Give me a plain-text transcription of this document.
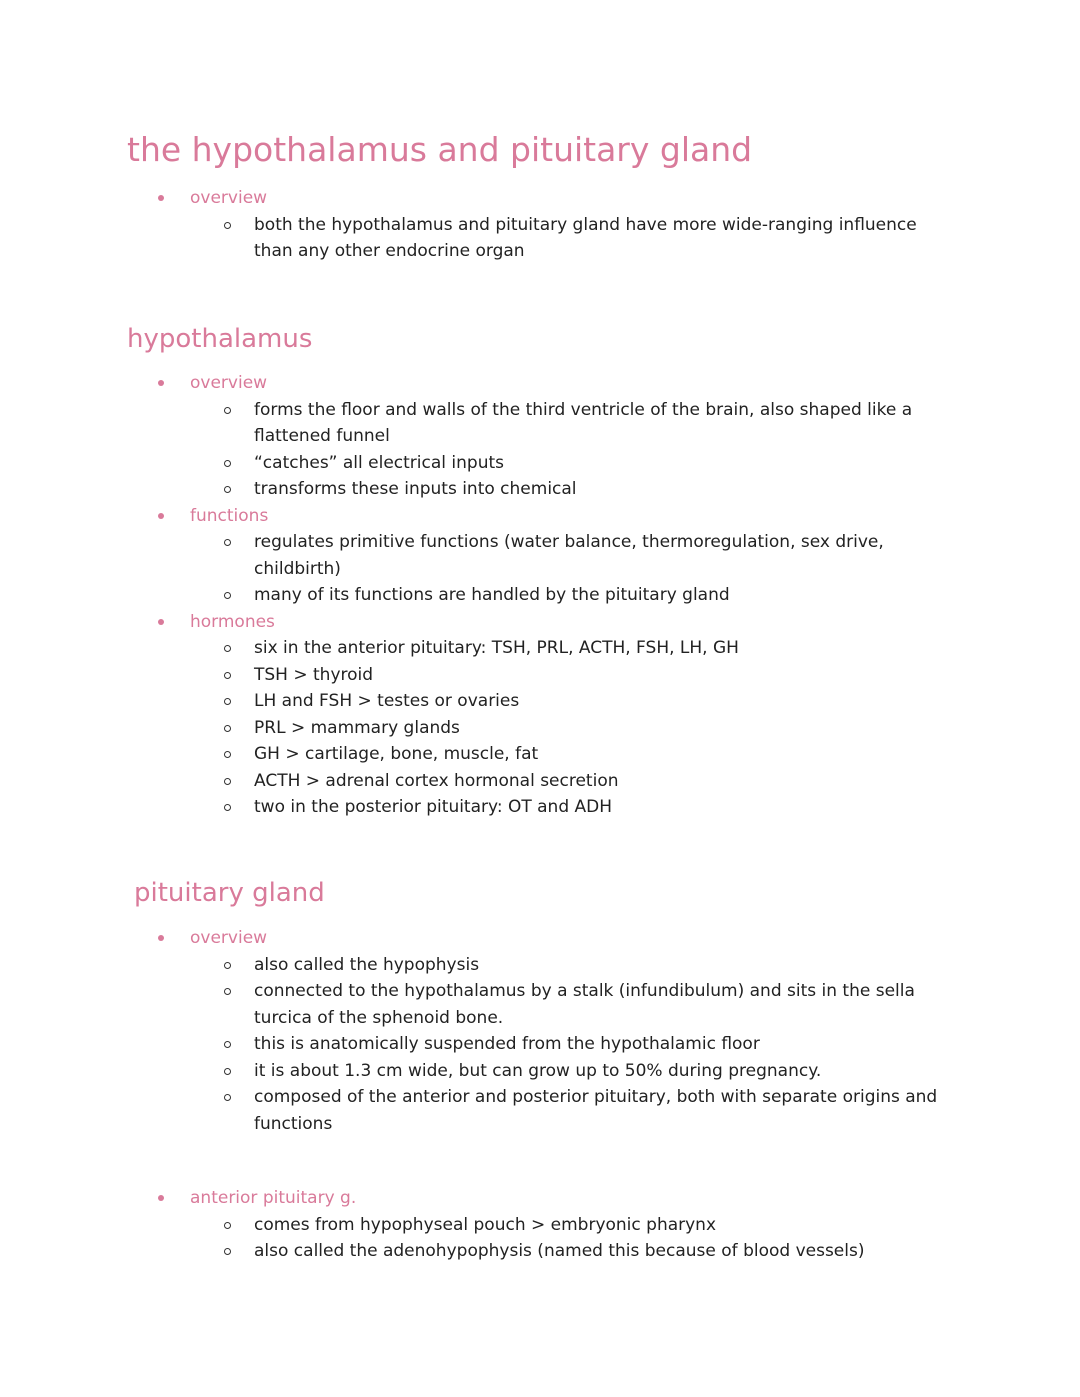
the hypothalamus and pituitary gland
overview
both the hypothalamus and pituitary gland have more wide-ranging influence than any other endocrine organ
hypothalamus
overview
forms the floor and walls of the third ventricle of the brain, also shaped like a flattened funnel
“catches” all electrical inputs
transforms these inputs into chemical
functions
regulates primitive functions (water balance, thermoregulation, sex drive, childbirth)
many of its functions are handled by the pituitary gland
hormones
six in the anterior pituitary: TSH, PRL, ACTH, FSH, LH, GH
TSH > thyroid
LH and FSH > testes or ovaries
PRL > mammary glands
GH > cartilage, bone, muscle, fat
ACTH > adrenal cortex hormonal secretion
two in the posterior pituitary: OT and ADH
pituitary gland
overview
also called the hypophysis
connected to the hypothalamus by a stalk (infundibulum) and sits in the sella turcica of the sphenoid bone.
this is anatomically suspended from the hypothalamic floor
it is about 1.3 cm wide, but can grow up to 50% during pregnancy.
composed of the anterior and posterior pituitary, both with separate origins and functions
anterior pituitary g.
comes from hypophyseal pouch > embryonic pharynx
also called the adenohypophysis (named this because of blood vessels)
